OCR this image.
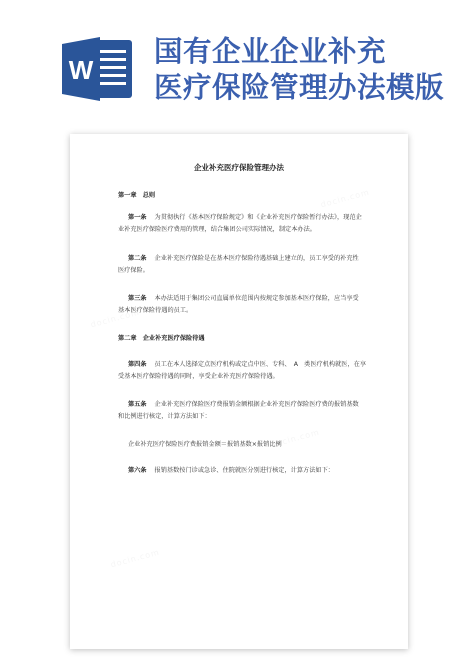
国有企业企业补充
医疗保险管理办法模版
W
docin.com
docin.com
docin.com
docin.com
企业补充医疗保险管理办法
第一章　总则
第一条 为贯彻执行《基本医疗保险规定》和《企业补充医疗保险暂行办法》，现范企
业补充医疗保险医疗费用的管理，结合集团公司实际情况，制定本办法。
第二条 企业补充医疗保险是在基本医疗保险待遇基础上建立的，员工享受的补充性
医疗保险。
第三条 本办法适用于集团公司直属单位范围内按规定参加基本医疗保险，应当享受
基本医疗保险待遇的员工。
第二章　企业补充医疗保险待遇
第四条 员工在本人选择定点医疗机构或定点中医、专科、　A　类医疗机构就医，在享
受基本医疗保险待遇的同时，享受企业补充医疗保险待遇。
第五条 企业补充医疗保险医疗费报销金额根据企业补充医疗保险医疗费的报销基数
和比例进行核定，计算方法如下：
企业补充医疗保险医疗费报销金额＝报销基数×报销比例
第六条 报销基数按门诊或急诊、住院就医分别进行核定，计算方法如下：
